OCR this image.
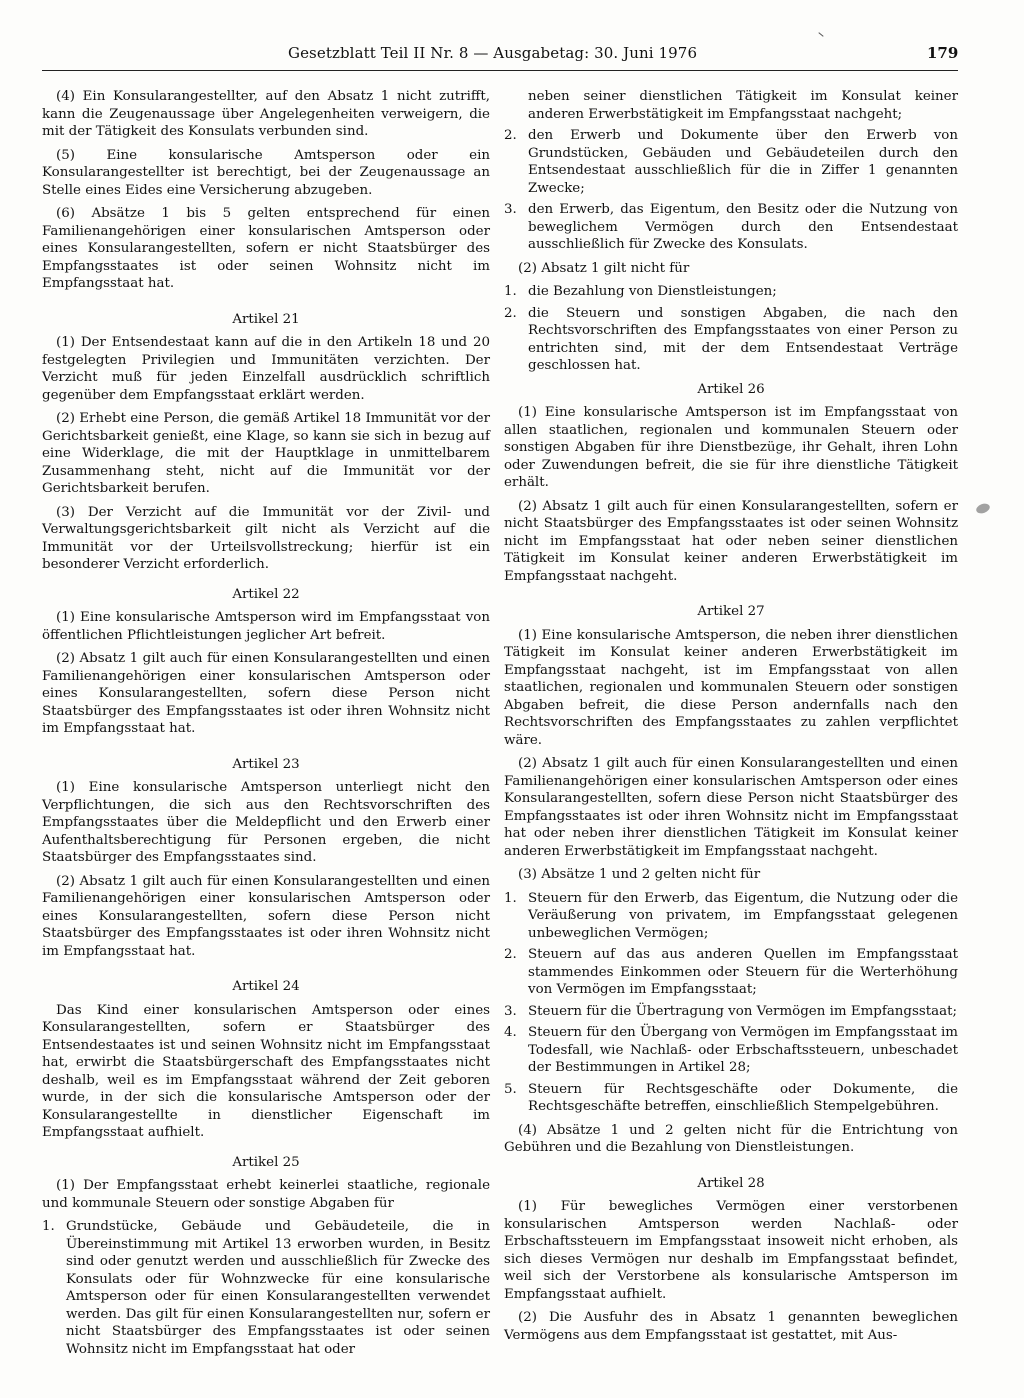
Gesetzblatt Teil II Nr. 8 — Ausgabetag: 30. Juni 1976	179

(4) Ein Konsularangestellter, auf den Absatz 1 nicht zutrifft, kann die Zeugenaussage über Angelegenheiten verweigern, die mit der Tätigkeit des Konsulats verbunden sind.

(5) Eine konsularische Amtsperson oder ein Konsularangestellter ist berechtigt, bei der Zeugenaussage an Stelle eines Eides eine Versicherung abzugeben.

(6) Absätze 1 bis 5 gelten entsprechend für einen Familienangehörigen einer konsularischen Amtsperson oder eines Konsularangestellten, sofern er nicht Staatsbürger des Empfangsstaates ist oder seinen Wohnsitz nicht im Empfangsstaat hat.

Artikel 21

(1) Der Entsendestaat kann auf die in den Artikeln 18 und 20 festgelegten Privilegien und Immunitäten verzichten. Der Verzicht muß für jeden Einzelfall ausdrücklich schriftlich gegenüber dem Empfangsstaat erklärt werden.

(2) Erhebt eine Person, die gemäß Artikel 18 Immunität vor der Gerichtsbarkeit genießt, eine Klage, so kann sie sich in bezug auf eine Widerklage, die mit der Hauptklage in unmittelbarem Zusammenhang steht, nicht auf die Immunität vor der Gerichtsbarkeit berufen.

(3) Der Verzicht auf die Immunität vor der Zivil- und Verwaltungsgerichtsbarkeit gilt nicht als Verzicht auf die Immunität vor der Urteilsvollstreckung; hierfür ist ein besonderer Verzicht erforderlich.

Artikel 22

(1) Eine konsularische Amtsperson wird im Empfangsstaat von öffentlichen Pflichtleistungen jeglicher Art befreit.

(2) Absatz 1 gilt auch für einen Konsularangestellten und einen Familienangehörigen einer konsularischen Amtsperson oder eines Konsularangestellten, sofern diese Person nicht Staatsbürger des Empfangsstaates ist oder ihren Wohnsitz nicht im Empfangsstaat hat.

Artikel 23

(1) Eine konsularische Amtsperson unterliegt nicht den Verpflichtungen, die sich aus den Rechtsvorschriften des Empfangsstaates über die Meldepflicht und den Erwerb einer Aufenthaltsberechtigung für Personen ergeben, die nicht Staatsbürger des Empfangsstaates sind.

(2) Absatz 1 gilt auch für einen Konsularangestellten und einen Familienangehörigen einer konsularischen Amtsperson oder eines Konsularangestellten, sofern diese Person nicht Staatsbürger des Empfangsstaates ist oder ihren Wohnsitz nicht im Empfangsstaat hat.

Artikel 24

Das Kind einer konsularischen Amtsperson oder eines Konsularangestellten, sofern er Staatsbürger des Entsendestaates ist und seinen Wohnsitz nicht im Empfangsstaat hat, erwirbt die Staatsbürgerschaft des Empfangsstaates nicht deshalb, weil es im Empfangsstaat während der Zeit geboren wurde, in der sich die konsularische Amtsperson oder der Konsularangestellte in dienstlicher Eigenschaft im Empfangsstaat aufhielt.

Artikel 25

(1) Der Empfangsstaat erhebt keinerlei staatliche, regionale und kommunale Steuern oder sonstige Abgaben für

1. Grundstücke, Gebäude und Gebäudeteile, die in Übereinstimmung mit Artikel 13 erworben wurden, in Besitz sind oder genutzt werden und ausschließlich für Zwecke des Konsulats oder für Wohnzwecke für eine konsularische Amtsperson oder für einen Konsularangestellten verwendet werden. Das gilt für einen Konsularangestellten nur, sofern er nicht Staatsbürger des Empfangsstaates ist oder seinen Wohnsitz nicht im Empfangsstaat hat oder
neben seiner dienstlichen Tätigkeit im Konsulat keiner anderen Erwerbstätigkeit im Empfangsstaat nachgeht;
2. den Erwerb und Dokumente über den Erwerb von Grundstücken, Gebäuden und Gebäudeteilen durch den Entsendestaat ausschließlich für die in Ziffer 1 genannten Zwecke;
3. den Erwerb, das Eigentum, den Besitz oder die Nutzung von beweglichem Vermögen durch den Entsendestaat ausschließlich für Zwecke des Konsulats.

(2) Absatz 1 gilt nicht für

1. die Bezahlung von Dienstleistungen;
2. die Steuern und sonstigen Abgaben, die nach den Rechtsvorschriften des Empfangsstaates von einer Person zu entrichten sind, mit der dem Entsendestaat Verträge geschlossen hat.

Artikel 26

(1) Eine konsularische Amtsperson ist im Empfangsstaat von allen staatlichen, regionalen und kommunalen Steuern oder sonstigen Abgaben für ihre Dienstbezüge, ihr Gehalt, ihren Lohn oder Zuwendungen befreit, die sie für ihre dienstliche Tätigkeit erhält.

(2) Absatz 1 gilt auch für einen Konsularangestellten, sofern er nicht Staatsbürger des Empfangsstaates ist oder seinen Wohnsitz nicht im Empfangsstaat hat oder neben seiner dienstlichen Tätigkeit im Konsulat keiner anderen Erwerbstätigkeit im Empfangsstaat nachgeht.

Artikel 27

(1) Eine konsularische Amtsperson, die neben ihrer dienstlichen Tätigkeit im Konsulat keiner anderen Erwerbstätigkeit im Empfangsstaat nachgeht, ist im Empfangsstaat von allen staatlichen, regionalen und kommunalen Steuern oder sonstigen Abgaben befreit, die diese Person andernfalls nach den Rechtsvorschriften des Empfangsstaates zu zahlen verpflichtet wäre.

(2) Absatz 1 gilt auch für einen Konsularangestellten und einen Familienangehörigen einer konsularischen Amtsperson oder eines Konsularangestellten, sofern diese Person nicht Staatsbürger des Empfangsstaates ist oder ihren Wohnsitz nicht im Empfangsstaat hat oder neben ihrer dienstlichen Tätigkeit im Konsulat keiner anderen Erwerbstätigkeit im Empfangsstaat nachgeht.

(3) Absätze 1 und 2 gelten nicht für

1. Steuern für den Erwerb, das Eigentum, die Nutzung oder die Veräußerung von privatem, im Empfangsstaat gelegenen unbeweglichen Vermögen;
2. Steuern auf das aus anderen Quellen im Empfangsstaat stammendes Einkommen oder Steuern für die Werterhöhung von Vermögen im Empfangsstaat;
3. Steuern für die Übertragung von Vermögen im Empfangsstaat;
4. Steuern für den Übergang von Vermögen im Empfangsstaat im Todesfall, wie Nachlaß- oder Erbschaftssteuern, unbeschadet der Bestimmungen in Artikel 28;
5. Steuern für Rechtsgeschäfte oder Dokumente, die Rechtsgeschäfte betreffen, einschließlich Stempelgebühren.

(4) Absätze 1 und 2 gelten nicht für die Entrichtung von Gebühren und die Bezahlung von Dienstleistungen.

Artikel 28

(1) Für bewegliches Vermögen einer verstorbenen konsularischen Amtsperson werden Nachlaß- oder Erbschaftssteuern im Empfangsstaat insoweit nicht erhoben, als sich dieses Vermögen nur deshalb im Empfangsstaat befindet, weil sich der Verstorbene als konsularische Amtsperson im Empfangsstaat aufhielt.

(2) Die Ausfuhr des in Absatz 1 genannten beweglichen Vermögens aus dem Empfangsstaat ist gestattet, mit Aus-
